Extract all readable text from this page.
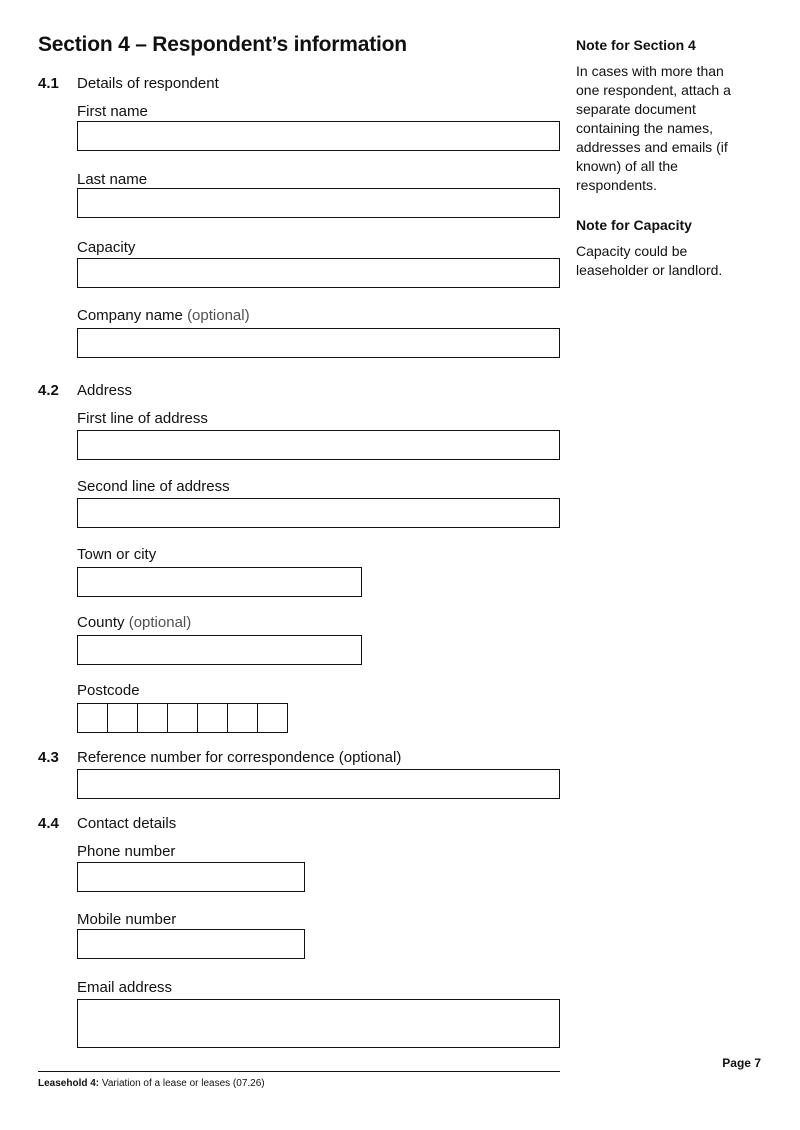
Section 4 – Respondent’s information
4.1 Details of respondent
First name
Last name
Capacity
Company name (optional)
4.2 Address
First line of address
Second line of address
Town or city
County (optional)
Postcode
4.3 Reference number for correspondence (optional)
4.4 Contact details
Phone number
Mobile number
Email address
Note for Section 4
In cases with more than one respondent, attach a separate document containing the names, addresses and emails (if known) of all the respondents.
Note for Capacity
Capacity could be leaseholder or landlord.
Page 7
Leasehold 4: Variation of a lease or leases (07.26)
